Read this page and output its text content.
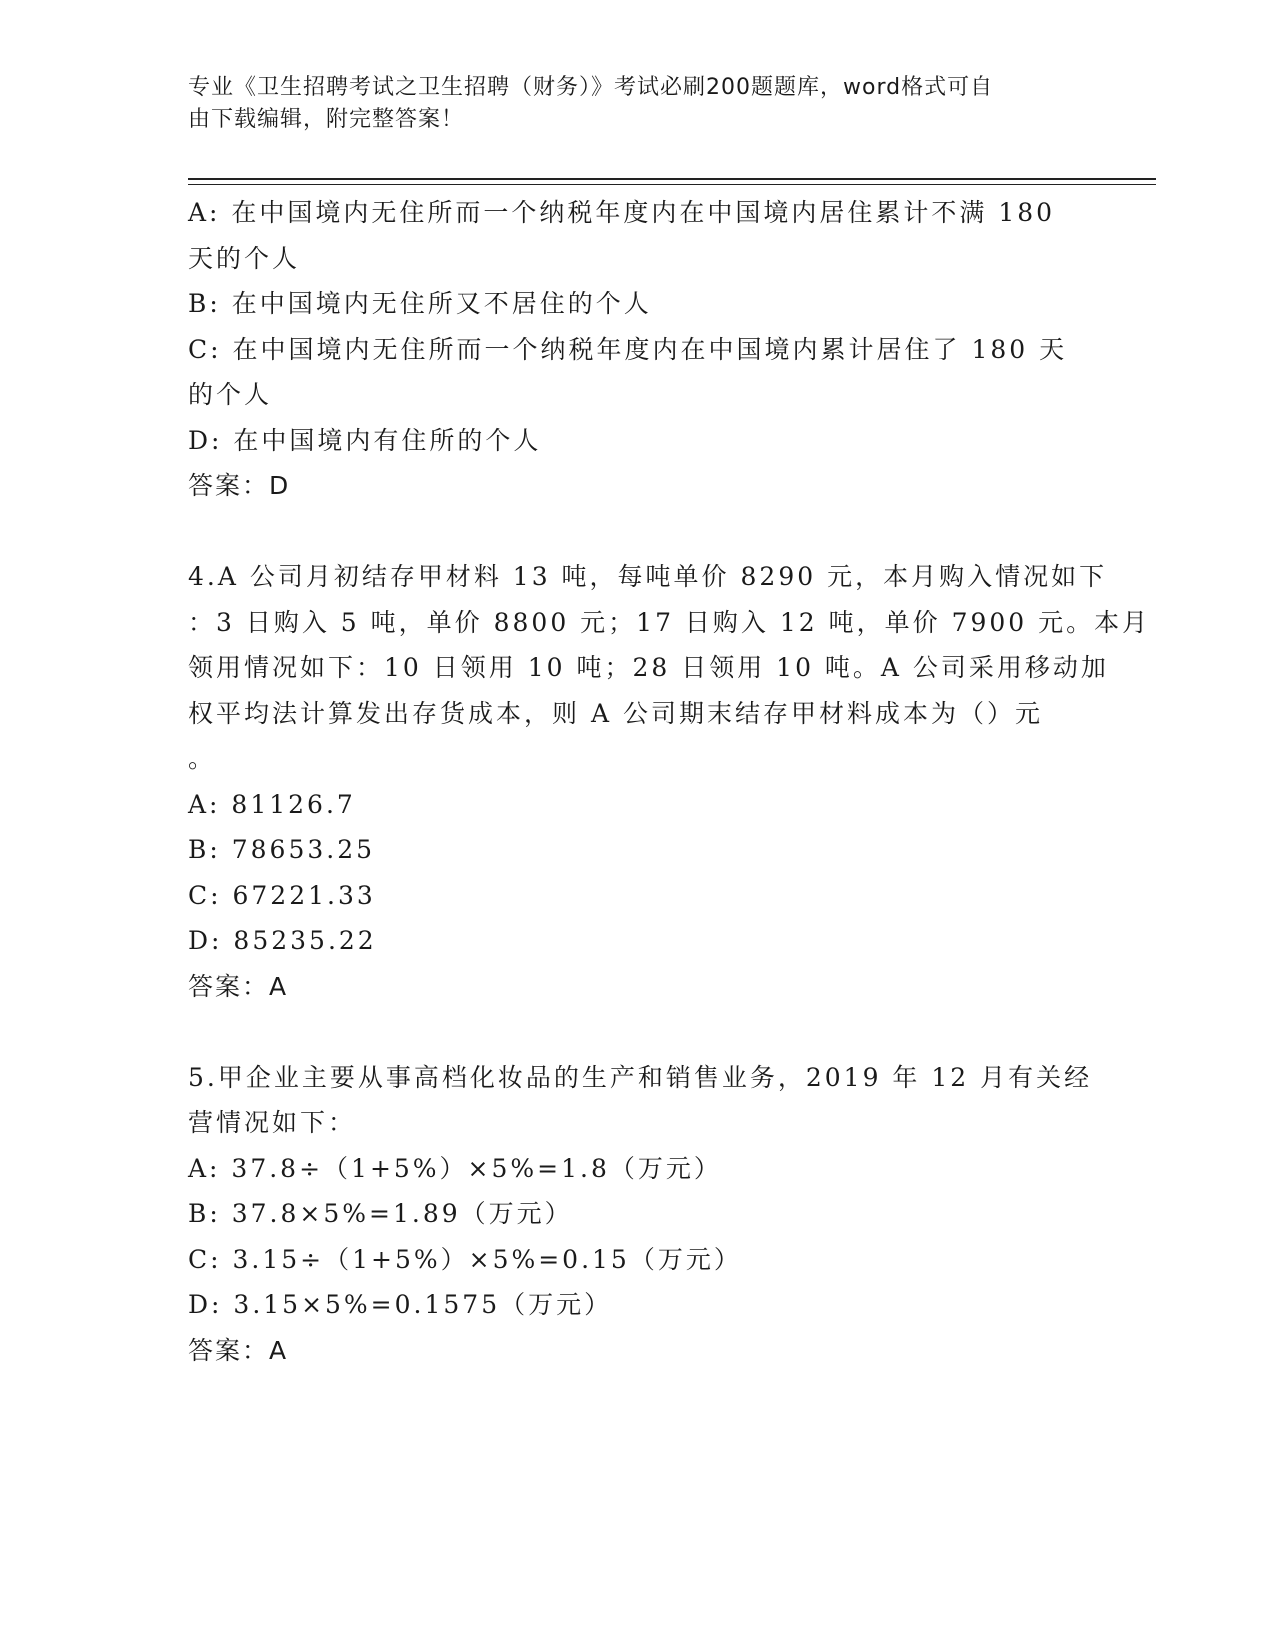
专业《卫生招聘考试之卫生招聘（财务）》考试必刷200题题库，word格式可自
由下载编辑，附完整答案！
A: 在中国境内无住所而一个纳税年度内在中国境内居住累计不满 180
天的个人
B: 在中国境内无住所又不居住的个人
C: 在中国境内无住所而一个纳税年度内在中国境内累计居住了 180 天
的个人
D: 在中国境内有住所的个人
答案：D
4.A 公司月初结存甲材料 13 吨，每吨单价 8290 元，本月购入情况如下
：3 日购入 5 吨，单价 8800 元；17 日购入 12 吨，单价 7900 元。本月
领用情况如下：10 日领用 10 吨；28 日领用 10 吨。A 公司采用移动加
权平均法计算发出存货成本，则 A 公司期末结存甲材料成本为（）元
。
A: 81126.7
B: 78653.25
C: 67221.33
D: 85235.22
答案：A
5.甲企业主要从事高档化妆品的生产和销售业务，2019 年 12 月有关经
营情况如下：
A: 37.8÷（1+5%）×5%=1.8（万元）
B: 37.8×5%=1.89（万元）
C: 3.15÷（1+5%）×5%=0.15（万元）
D: 3.15×5%=0.1575（万元）
答案：A
